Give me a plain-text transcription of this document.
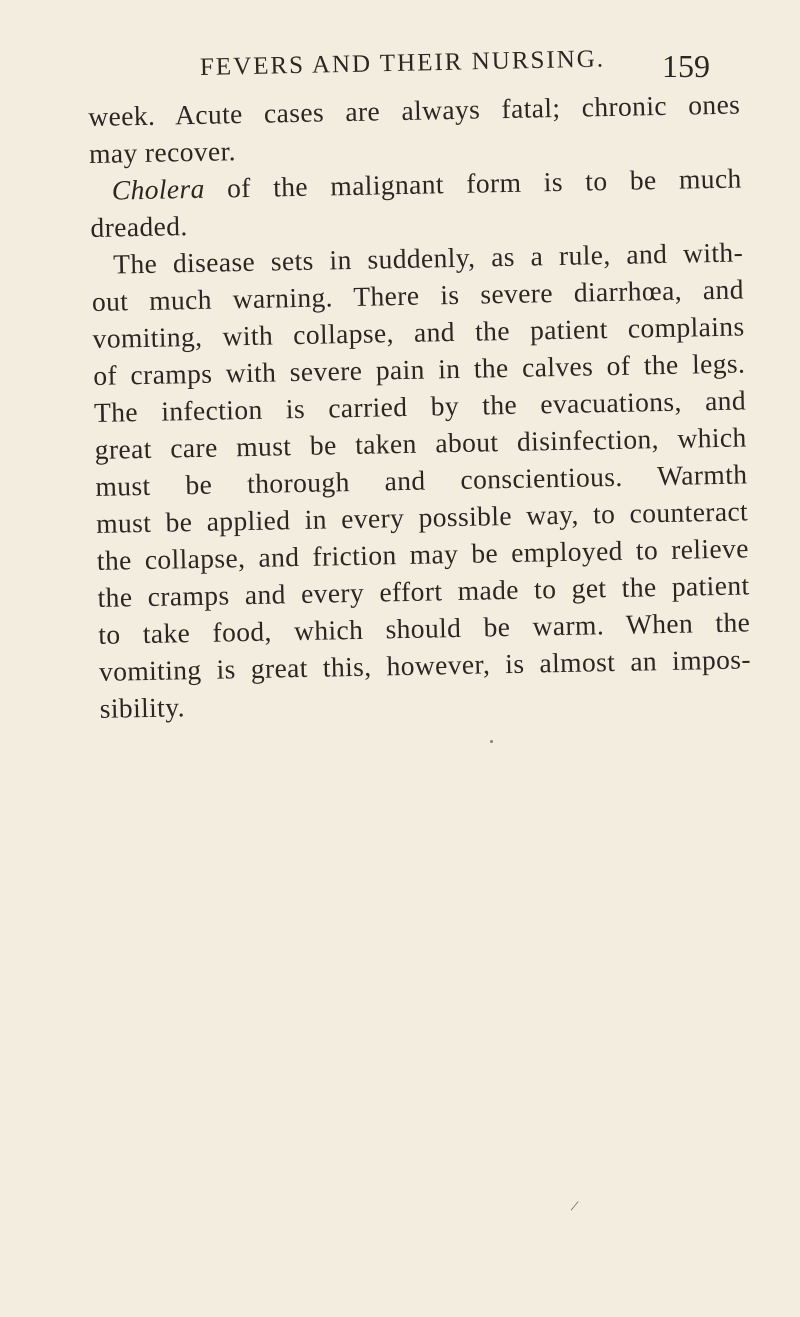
FEVERS AND THEIR NURSING. 159
week. Acute cases are always fatal; chronic ones
may recover.
Cholera of the malignant form is to be much
dreaded.
The disease sets in suddenly, as a rule, and with-
out much warning. There is severe diarrhœa, and
vomiting, with collapse, and the patient complains
of cramps with severe pain in the calves of the legs.
The infection is carried by the evacuations, and
great care must be taken about disinfection, which
must be thorough and conscientious. Warmth
must be applied in every possible way, to counteract
the collapse, and friction may be employed to relieve
the cramps and every effort made to get the patient
to take food, which should be warm. When the
vomiting is great this, however, is almost an impos-
sibility.
/
